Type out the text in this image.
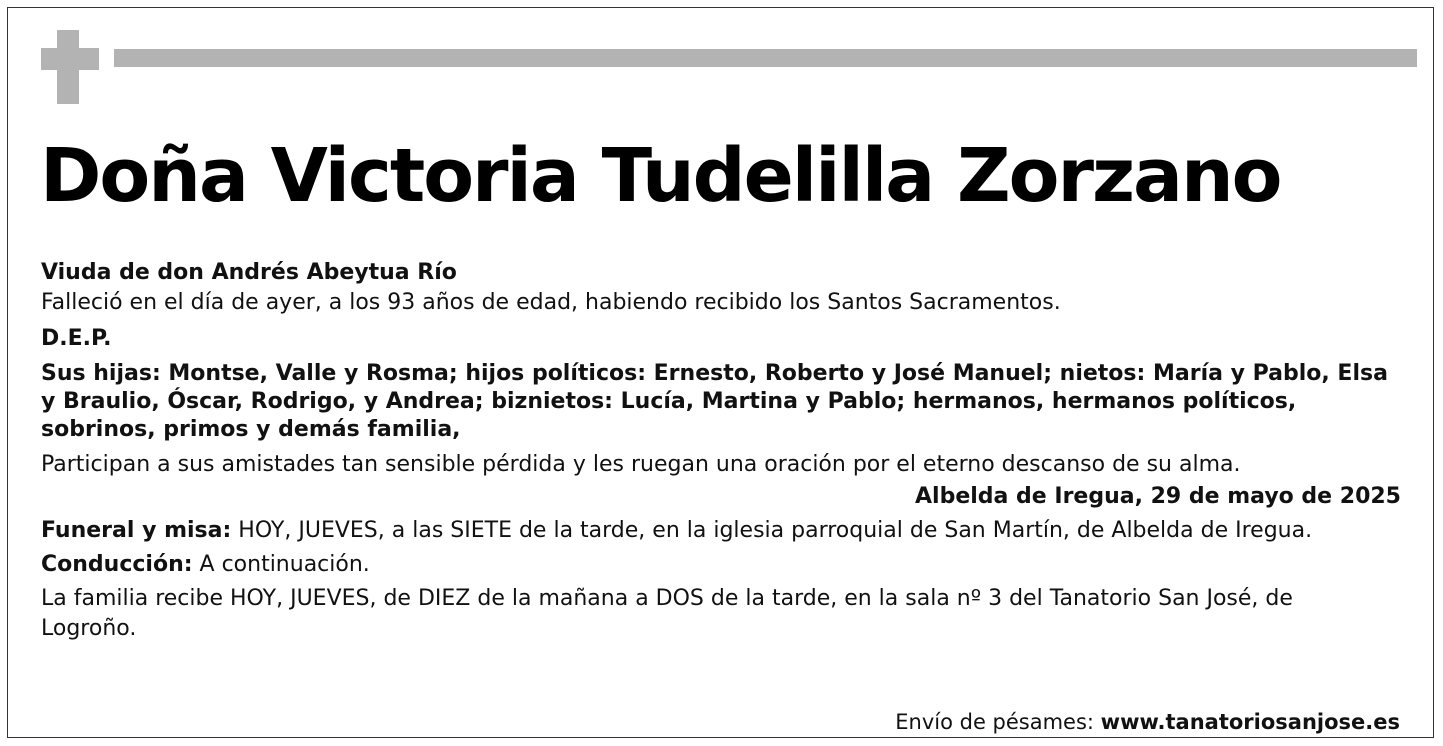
Doña Victoria Tudelilla Zorzano

Viuda de don Andrés Abeytua Río

Falleció en el día de ayer, a los 93 años de edad, habiendo recibido los Santos Sacramentos.

D.E.P.

Sus hijas: Montse, Valle y Rosma; hijos políticos: Ernesto, Roberto y José Manuel; nietos: María y Pablo, Elsa y Braulio, Óscar, Rodrigo, y Andrea; biznietos: Lucía, Martina y Pablo; hermanos, hermanos políticos, sobrinos, primos y demás familia,

Participan a sus amistades tan sensible pérdida y les ruegan una oración por el eterno descanso de su alma.

Albelda de Iregua, 29 de mayo de 2025

Funeral y misa: HOY, JUEVES, a las SIETE de la tarde, en la iglesia parroquial de San Martín, de Albelda de Iregua.

Conducción: A continuación.

La familia recibe HOY, JUEVES, de DIEZ de la mañana a DOS de la tarde, en la sala nº 3 del Tanatorio San José, de Logroño.

Envío de pésames: www.tanatoriosanjose.es
